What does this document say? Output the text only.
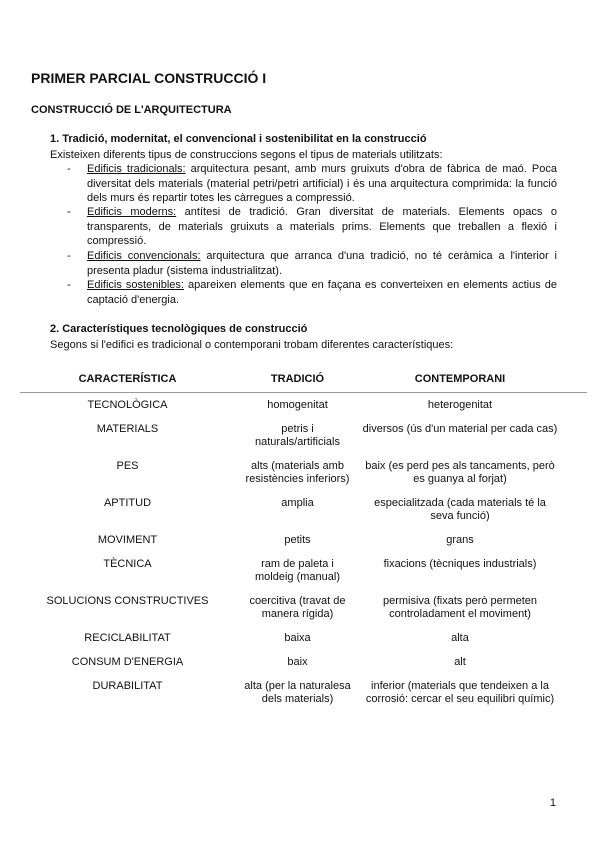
PRIMER PARCIAL CONSTRUCCIÓ I
CONSTRUCCIÓ DE L'ARQUITECTURA
1. Tradició, modernitat, el convencional i sostenibilitat en la construcció
Existeixen diferents tipus de construccions segons el tipus de materials utilitzats:
- Edificis tradicionals: arquitectura pesant, amb murs gruixuts d'obra de fàbrica de maó. Poca diversitat dels materials (material petri/petri artificial) i és una arquitectura comprimida: la funció dels murs és repartir totes les càrregues a compressió.
- Edificis moderns: antítesi de tradició. Gran diversitat de materials. Elements opacs o transparents, de materials gruixuts a materials prims. Elements que treballen a flexió i compressió.
- Edificis convencionals: arquitectura que arranca d'una tradició, no té ceràmica a l'interior i presenta pladur (sistema industrialitzat).
- Edificis sostenibles: apareixen elements que en façana es converteixen en elements actius de captació d'energia.
2. Característiques tecnològiques de construcció
Segons si l'edifici es tradicional o contemporani trobam diferentes característiques:
CARACTERÍSTICA	TRADICIÓ	CONTEMPORANI	
TECNOLÒGICA	homogenitat	heterogenitat	

MATERIALS	petris i naturals/artificials	diversos (ús d'un material per cada cas)	

PES	alts (materials amb resistències inferiors)	baix (es perd pes als tancaments, però es guanya al forjat)	

APTITUD	amplia	especialitzada (cada materials té la seva funció)	

MOVIMENT	petits	grans	

TÈCNICA	ram de paleta i moldeig (manual)	fixacions (tècniques industrials)	

SOLUCIONS CONSTRUCTIVES	coercitiva (travat de manera rígida)	permisiva (fixats però permeten controladament el moviment)	

RECICLABILITAT	baixa	alta	

CONSUM D'ENERGIA	baix	alt	

DURABILITAT	alta (per la naturalesa dels materials)	inferior (materials que tendeixen a la corrosió: cercar el seu equilibri químic)	

1
